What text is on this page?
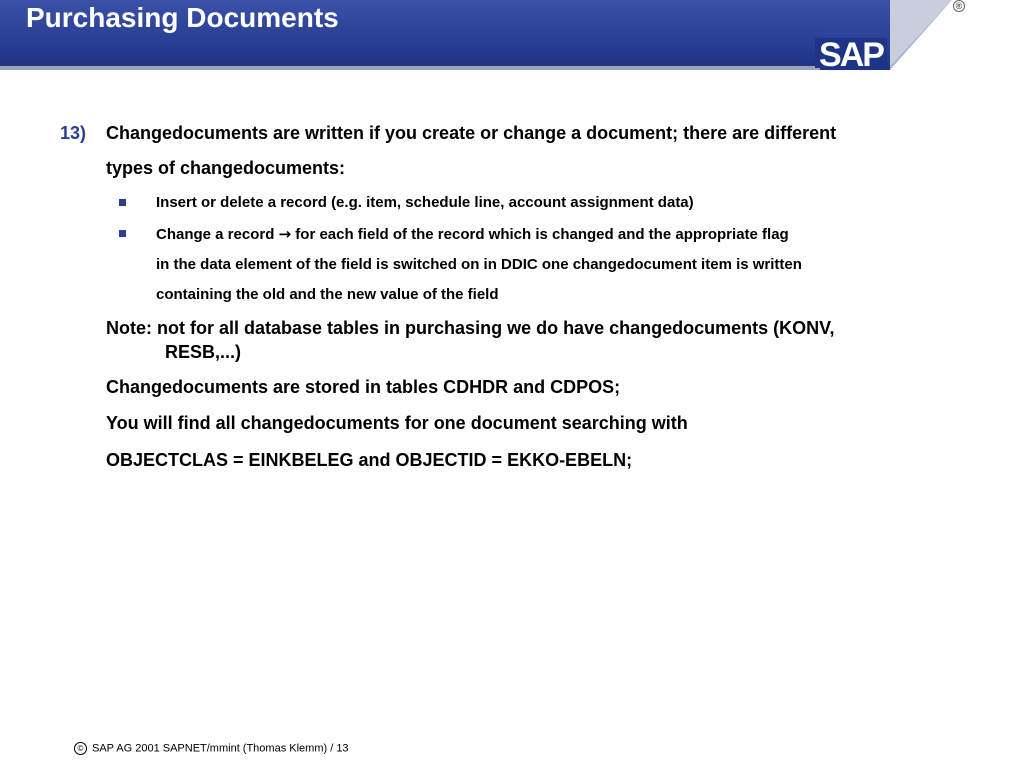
SAP
Purchasing Documents	®
13) Changedocuments are written if you create or change a document; there are different
types of changedocuments:
Insert or delete a record (e.g. item, schedule line, account assignment data)
Change a record → for each field of the record which is changed and the appropriate flag
in the data element of the field is switched on in DDIC one changedocument item is written
containing the old and the new value of the field
Note: not for all database tables in purchasing we do have changedocuments (KONV,
RESB,...)
Changedocuments are stored in tables CDHDR and CDPOS;
You will find all changedocuments for one document searching with
OBJECTCLAS = EINKBELEG and OBJECTID = EKKO-EBELN;
© SAP AG 2001 SAPNET/mmint (Thomas Klemm) / 13
